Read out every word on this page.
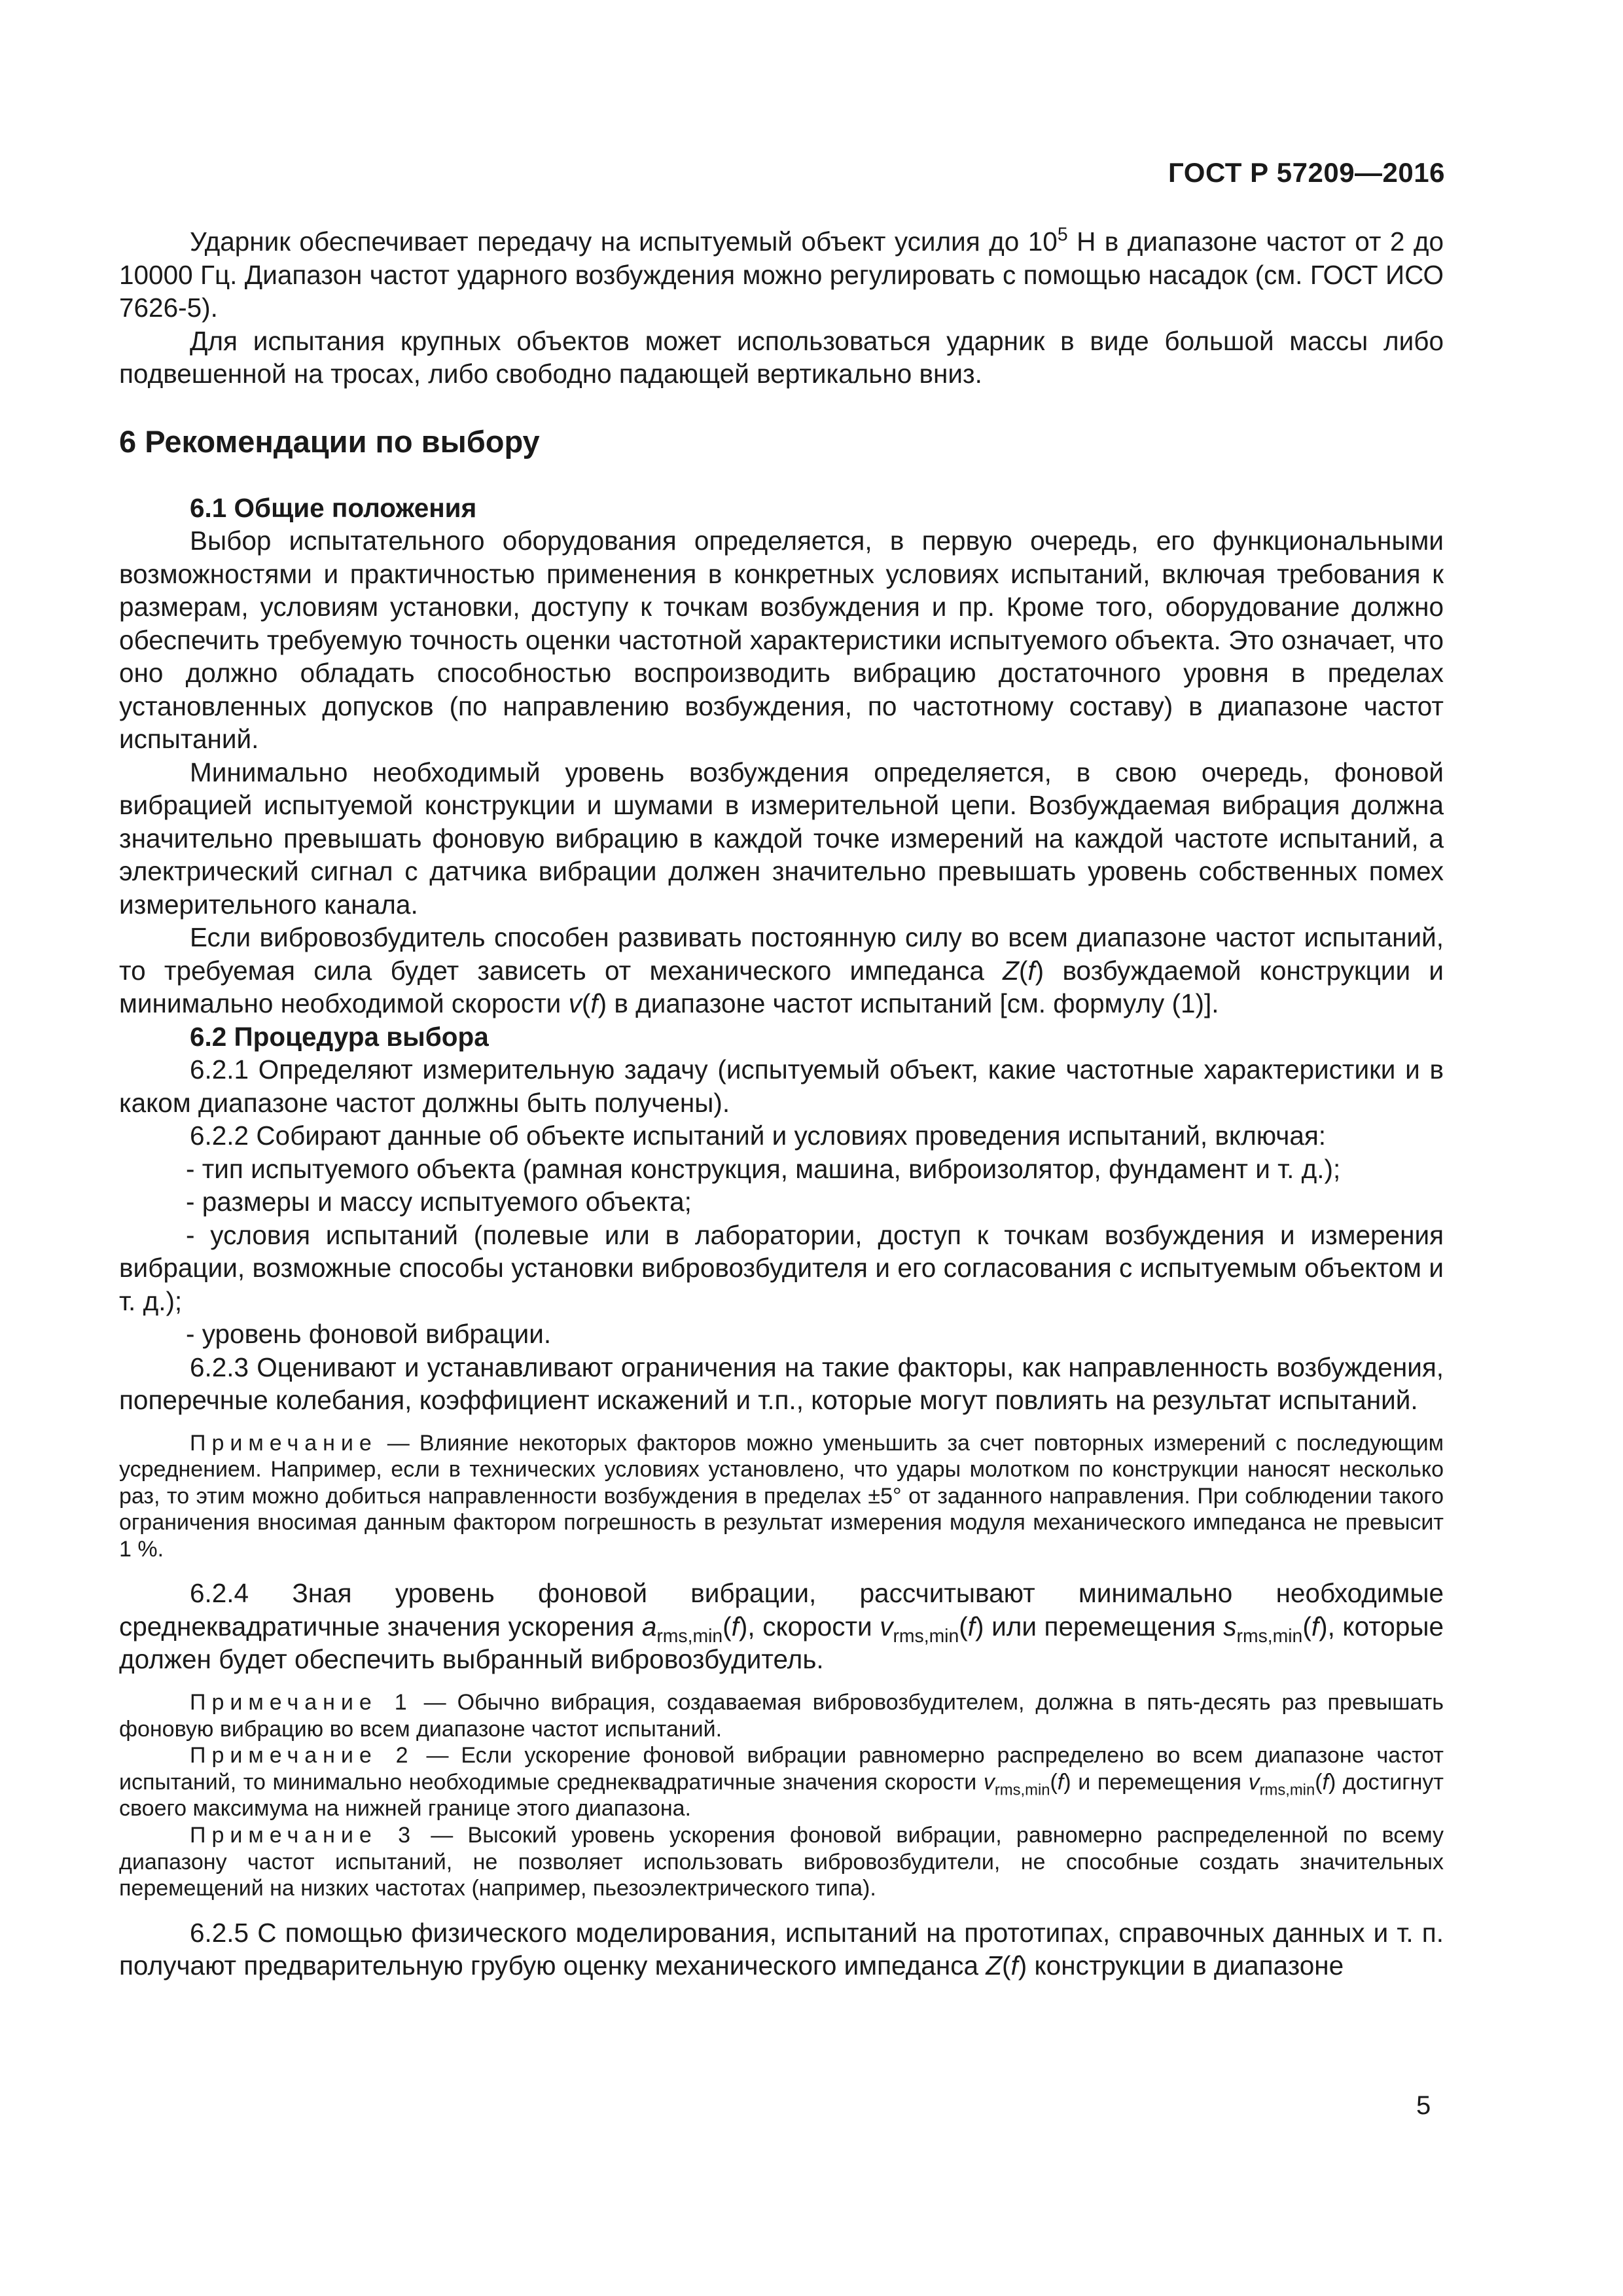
ГОСТ Р 57209—2016

Ударник обеспечивает передачу на испытуемый объект усилия до $10^5$ Н в диапазоне частот от 2 до 10000 Гц. Диапазон частот ударного возбуждения можно регулировать с помощью насадок (см. ГОСТ ИСО 7626-5).

Для испытания крупных объектов может использоваться ударник в виде большой массы либо подвешенной на тросах, либо свободно падающей вертикально вниз.

6 Рекомендации по выбору

6.1 Общие положения

Выбор испытательного оборудования определяется, в первую очередь, его функциональными возможностями и практичностью применения в конкретных условиях испытаний, включая требования к размерам, условиям установки, доступу к точкам возбуждения и пр. Кроме того, оборудование должно обеспечить требуемую точность оценки частотной характеристики испытуемого объекта. Это означает, что оно должно обладать способностью воспроизводить вибрацию достаточного уровня в пределах установленных допусков (по направлению возбуждения, по частотному составу) в диапазоне частот испытаний.

Минимально необходимый уровень возбуждения определяется, в свою очередь, фоновой вибрацией испытуемой конструкции и шумами в измерительной цепи. Возбуждаемая вибрация должна значительно превышать фоновую вибрацию в каждой точке измерений на каждой частоте испытаний, а электрический сигнал с датчика вибрации должен значительно превышать уровень собственных помех измерительного канала.

Если вибровозбудитель способен развивать постоянную силу во всем диапазоне частот испытаний, то требуемая сила будет зависеть от механического импеданса Z(f) возбуждаемой конструкции и минимально необходимой скорости v(f) в диапазоне частот испытаний [см. формулу (1)].

6.2 Процедура выбора

6.2.1 Определяют измерительную задачу (испытуемый объект, какие частотные характеристики и в каком диапазоне частот должны быть получены).

6.2.2 Собирают данные об объекте испытаний и условиях проведения испытаний, включая:

- тип испытуемого объекта (рамная конструкция, машина, виброизолятор, фундамент и т. д.);

- размеры и массу испытуемого объекта;

- условия испытаний (полевые или в лаборатории, доступ к точкам возбуждения и измерения вибрации, возможные способы установки вибровозбудителя и его согласования с испытуемым объектом и т. д.);

- уровень фоновой вибрации.

6.2.3 Оценивают и устанавливают ограничения на такие факторы, как направленность возбуждения, поперечные колебания, коэффициент искажений и т.п., которые могут повлиять на результат испытаний.

Примечание — Влияние некоторых факторов можно уменьшить за счет повторных измерений с последующим усреднением. Например, если в технических условиях установлено, что удары молотком по конструкции наносят несколько раз, то этим можно добиться направленности возбуждения в пределах ±5° от заданного направления. При соблюдении такого ограничения вносимая данным фактором погрешность в результат измерения модуля механического импеданса не превысит 1 %.

6.2.4 Зная уровень фоновой вибрации, рассчитывают минимально необходимые среднеквадратичные значения ускорения $a_{rms,min}(f)$, скорости $v_{rms,min}(f)$ или перемещения $s_{rms,min}(f)$, которые должен будет обеспечить выбранный вибровозбудитель.

Примечание 1 — Обычно вибрация, создаваемая вибровозбудителем, должна в пять-десять раз превышать фоновую вибрацию во всем диапазоне частот испытаний.

Примечание 2 — Если ускорение фоновой вибрации равномерно распределено во всем диапазоне частот испытаний, то минимально необходимые среднеквадратичные значения скорости $v_{rms,min}(f)$ и перемещения $v_{rms,min}(f)$ достигнут своего максимума на нижней границе этого диапазона.

Примечание 3 — Высокий уровень ускорения фоновой вибрации, равномерно распределенной по всему диапазону частот испытаний, не позволяет использовать вибровозбудители, не способные создать значительных перемещений на низких частотах (например, пьезоэлектрического типа).

6.2.5 С помощью физического моделирования, испытаний на прототипах, справочных данных и т. п. получают предварительную грубую оценку механического импеданса Z(f) конструкции в диапазоне

5
